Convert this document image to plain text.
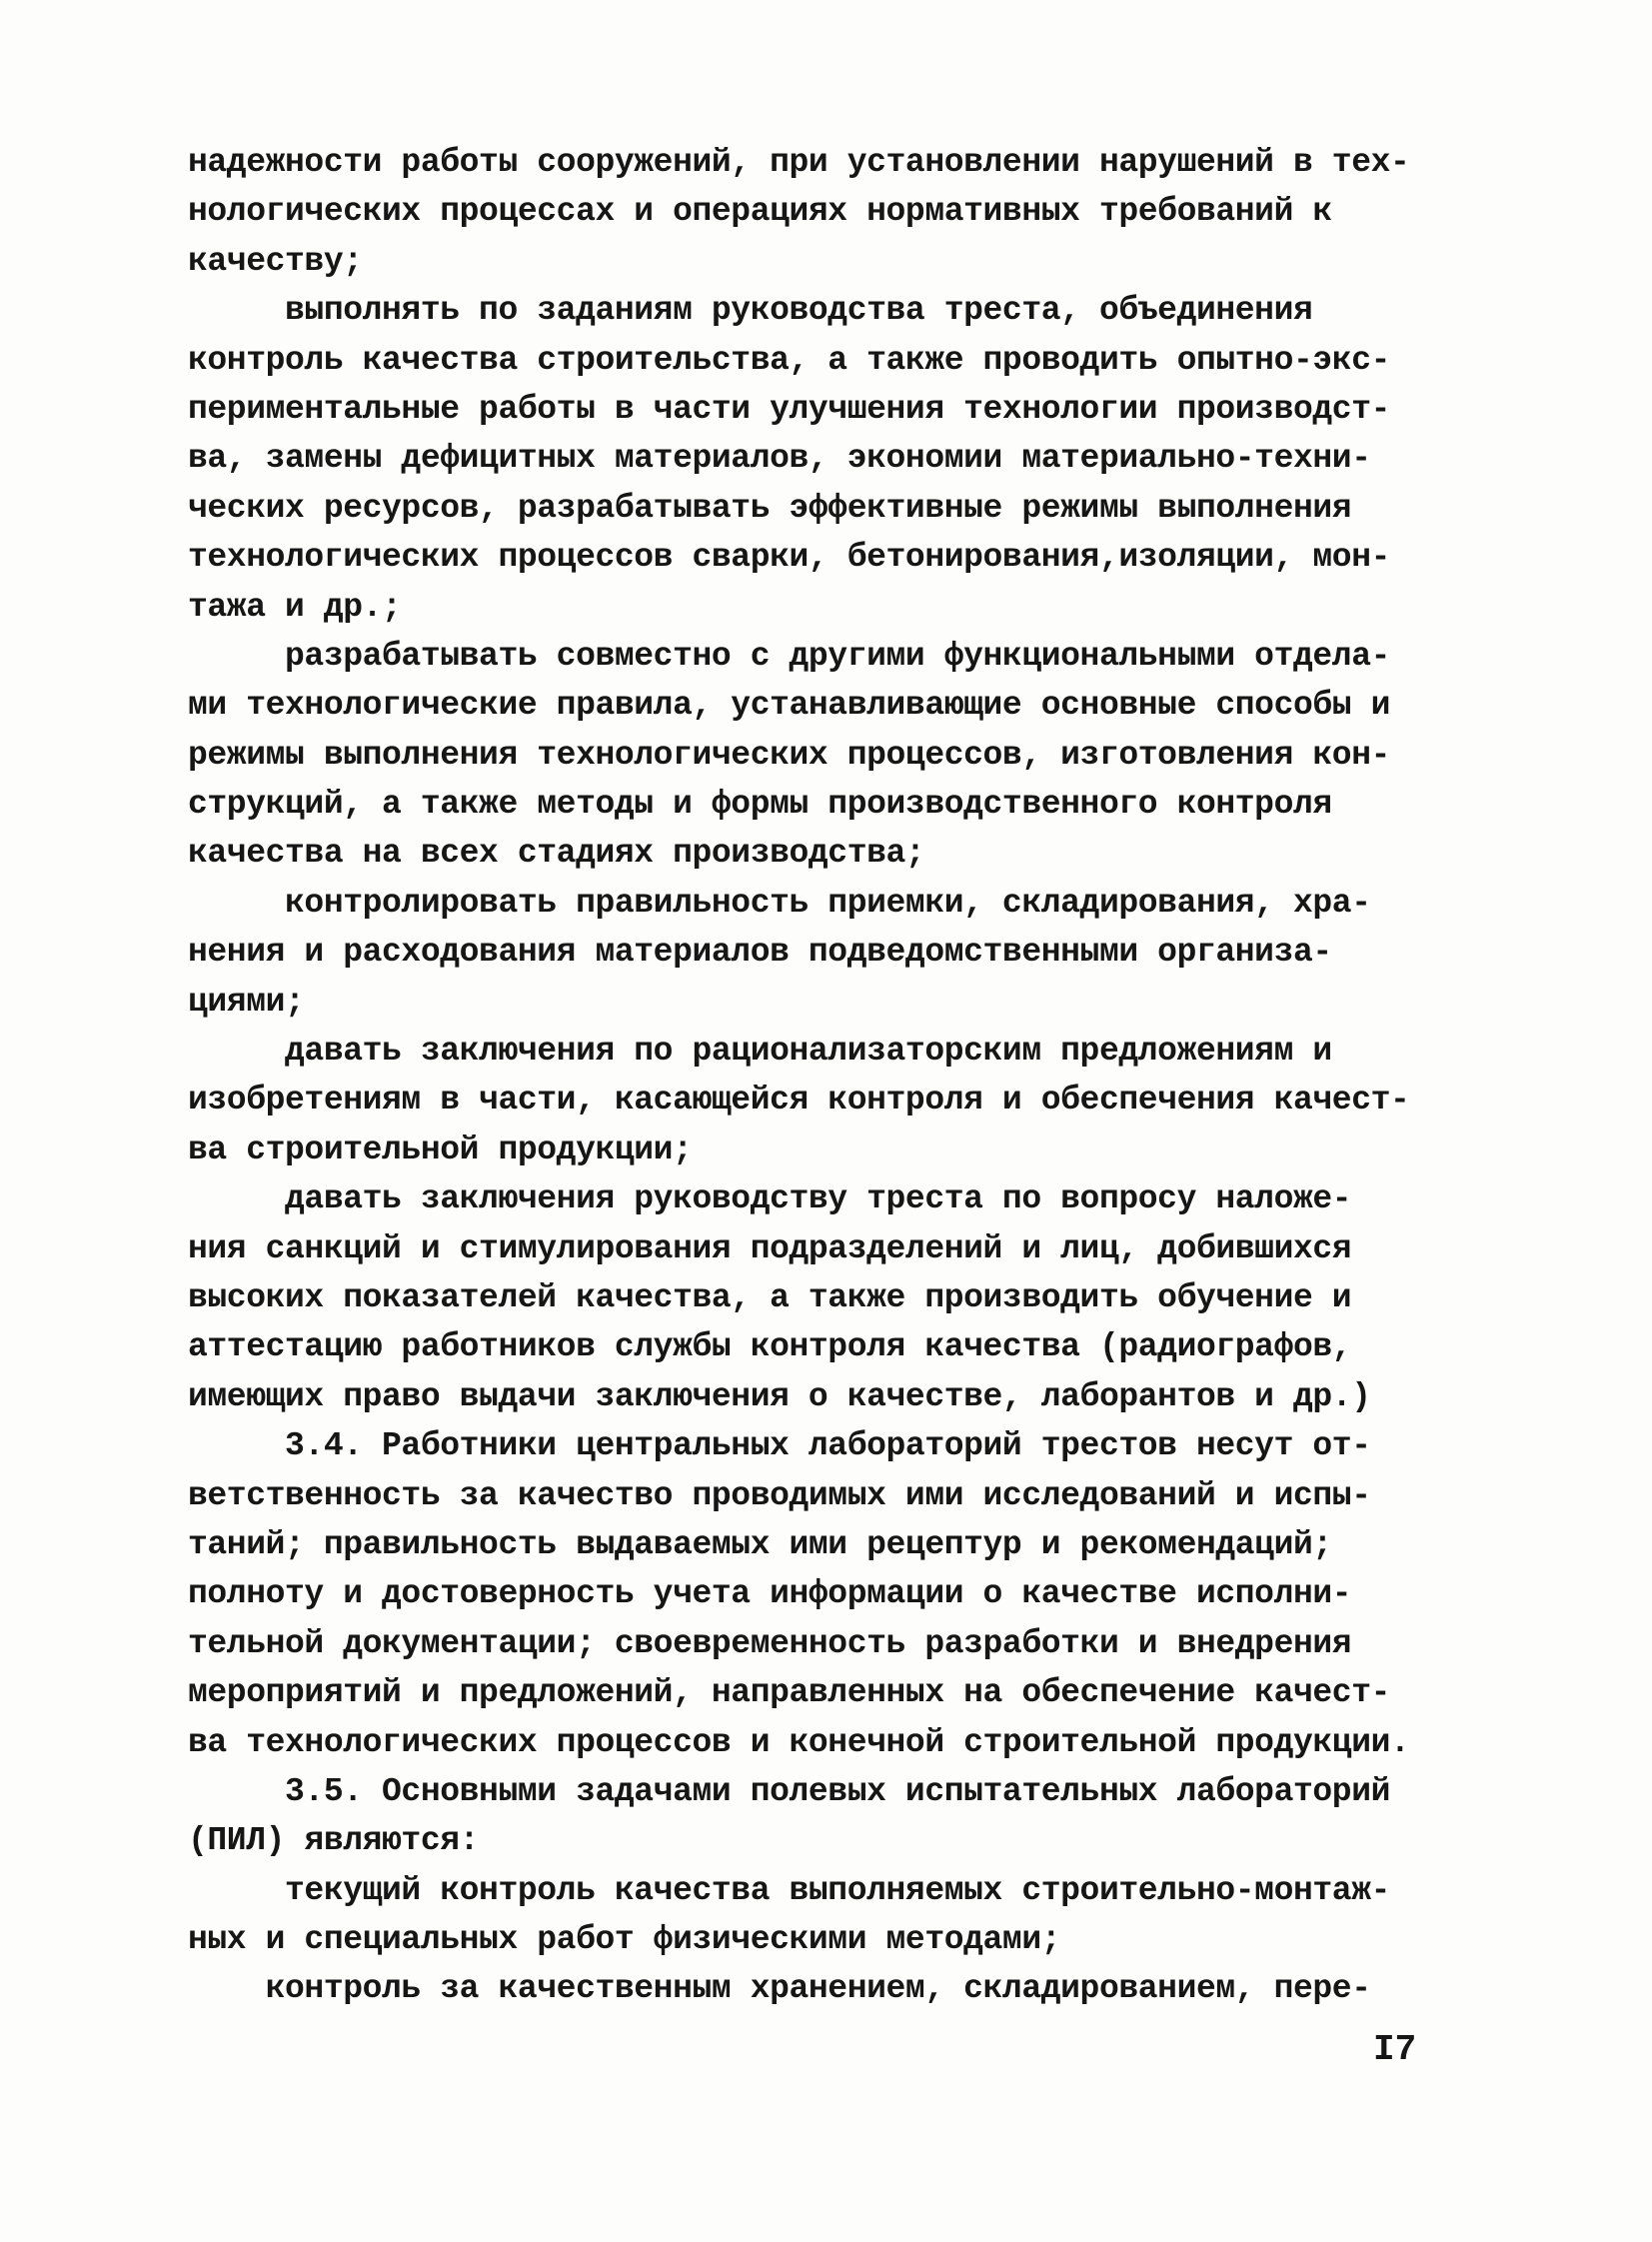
надежности работы сооружений, при установлении нарушений в тех-
нологических процессах и операциях нормативных требований к
качеству;
выполнять по заданиям руководства треста, объединения
контроль качества строительства, а также проводить опытно-экс-
периментальные работы в части улучшения технологии производст-
ва, замены дефицитных материалов, экономии материально-техни-
ческих ресурсов, разрабатывать эффективные режимы выполнения
технологических процессов сварки, бетонирования,изоляции, мон-
тажа и др.;
разрабатывать совместно с другими функциональными отдела-
ми технологические правила, устанавливающие основные способы и
режимы выполнения технологических процессов, изготовления кон-
струкций, а также методы и формы производственного контроля
качества на всех стадиях производства;
контролировать правильность приемки, складирования, хра-
нения и расходования материалов подведомственными организа-
циями;
давать заключения по рационализаторским предложениям и
изобретениям в части, касающейся контроля и обеспечения качест-
ва строительной продукции;
давать заключения руководству треста по вопросу наложе-
ния санкций и стимулирования подразделений и лиц, добившихся
высоких показателей качества, а также производить обучение и
аттестацию работников службы контроля качества (радиографов,
имеющих право выдачи заключения о качестве, лаборантов и др.)
3.4. Работники центральных лабораторий трестов несут от-
ветственность за качество проводимых ими исследований и испы-
таний; правильность выдаваемых ими рецептур и рекомендаций;
полноту и достоверность учета информации о качестве исполни-
тельной документации; своевременность разработки и внедрения
мероприятий и предложений, направленных на обеспечение качест-
ва технологических процессов и конечной строительной продукции.
3.5. Основными задачами полевых испытательных лабораторий
(ПИЛ) являются:
текущий контроль качества выполняемых строительно-монтаж-
ных и специальных работ физическими методами;
контроль за качественным хранением, складированием, пере-
I7
